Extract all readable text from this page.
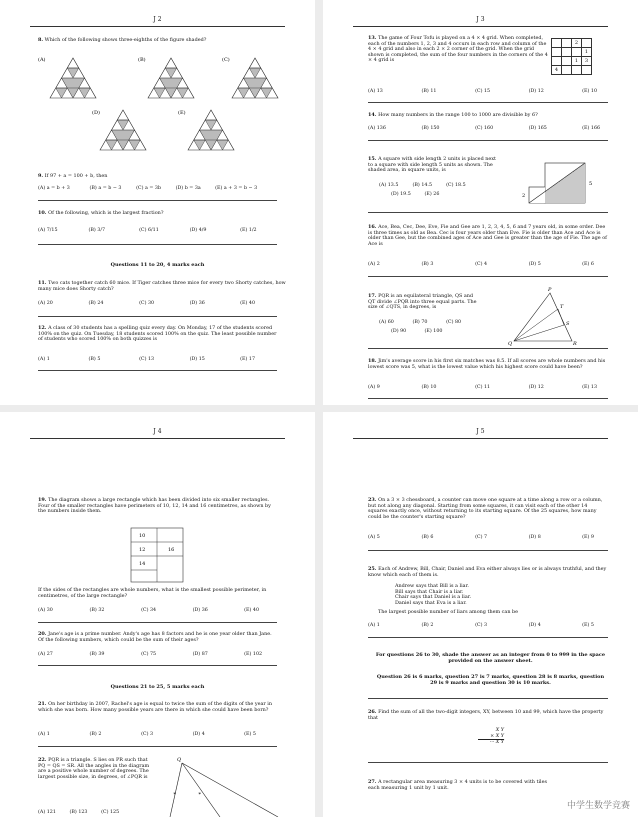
J 2
8. Which of the following shows three-eighths of the figure shaded?
(A)	(B)	(C)
(D)	(E)
9. If 97 + a = 100 + b, then
(A) a = b + 3	(B) a = b − 3	(C) a = 3b	(D) b = 3a	(E) a + 3 = b − 3
10. Of the following, which is the largest fraction?
(A) 7/15	(B) 3/7	(C) 6/11	(D) 4/9	(E) 1/2
Questions 11 to 20, 4 marks each
11. Two cats together catch 60 mice. If Tiger catches three mice for every two Shorty catches, how many mice does Shorty catch?
(A) 20	(B) 24	(C) 30	(D) 36	(E) 40
12. A class of 30 students has a spelling quiz every day. On Monday, 17 of the students scored 100% on the quiz. On Tuesday, 18 students scored 100% on the quiz. The least possible number of students who scored 100% on both quizzes is
(A) 1	(B) 5	(C) 13	(D) 15	(E) 17
J 3
13. The game of Four Tofu is played on a 4 × 4 grid. When completed, each of the numbers 1, 2, 3 and 4 occurs in each row and column of the 4 × 4 grid and also in each 2 × 2 corner of the grid. When the grid shown is completed, the sum of the four numbers in the corners of the 4 × 4 grid is
		2	
			1
		1	3
4			
(A) 13	(B) 11	(C) 15	(D) 12	(E) 10
14. How many numbers in the range 100 to 1000 are divisible by 6?
(A) 136	(B) 150	(C) 160	(D) 165	(E) 166
15. A square with side length 2 units is placed next to a square with side length 5 units as shown. The shaded area, in square units, is
2
5
(A) 13.5	(B) 14.5	(C) 18.5
(D) 19.5	(E) 26
16. Ace, Bea, Cec, Dee, Eve, Fie and Gee are 1, 2, 3, 4, 5, 6 and 7 years old, in some order. Dee is three times as old as Bea. Cec is four years older than Eve. Fie is older than Ace and Ace is older than Gee, but the combined ages of Ace and Gee is greater than the age of Fie. The age of Ace is
(A) 2	(B) 3	(C) 4	(D) 5	(E) 6
17. PQR is an equilateral triangle, QS and QT divide ∠PQR into three equal parts. The size of ∠QTS, in degrees, is
(A) 60	(B) 70	(C) 80
(D) 90	(E) 100
P
T
S
Q	R
18. Jim's average score in his first six matches was 8.5. If all scores are whole numbers and his lowest score was 5, what is the lowest value which his highest score could have been?
(A) 9	(B) 10	(C) 11	(D) 12	(E) 13
J 4
19. The diagram shows a large rectangle which has been divided into six smaller rectangles. Four of the smaller rectangles have perimeters of 10, 12, 14 and 16 centimetres, as shown by the numbers inside them.
10
12	16
14
If the sides of the rectangles are whole numbers, what is the smallest possible perimeter, in centimetres, of the large rectangle?
(A) 30	(B) 32	(C) 34	(D) 36	(E) 40
20. Jane's age is a prime number. Andy's age has 8 factors and he is one year older than Jane. Of the following numbers, which could be the sum of their ages?
(A) 27	(B) 39	(C) 75	(D) 87	(E) 102
Questions 21 to 25, 5 marks each
21. On her birthday in 2007, Rachel's age is equal to twice the sum of the digits of the year in which she was born. How many possible years are there in which she could have been born?
(A) 1	(B) 2	(C) 3	(D) 4	(E) 5
22. PQR is a triangle. S lies on PR such that PQ = QS = SR. All the angles in the diagram are a positive whole number of degrees. The largest possible size, in degrees, of ∠PQR is
(A) 121	(B) 123	(C) 125
Q
∗	∗
J 5
23. On a 3 × 3 chessboard, a counter can move one square at a time along a row or a column, but not along any diagonal. Starting from some squares, it can visit each of the other 14 squares exactly once, without returning to its starting square. Of the 25 squares, how many could be the counter's starting square?
(A) 5	(B) 6	(C) 7	(D) 8	(E) 9
25. Each of Andrew, Bill, Chair, Daniel and Eva either always lies or is always truthful, and they know which each of them is.
Andrew says that Bill is a liar.
Bill says that Chair is a liar.
Chair says that Daniel is a liar.
Daniel says that Eva is a liar.
The largest possible number of liars among them can be
(A) 1	(B) 2	(C) 3	(D) 4	(E) 5
For questions 26 to 30, shade the answer as an integer from 0 to 999 in the space provided on the answer sheet.
Question 26 is 6 marks, question 27 is 7 marks, question 28 is 8 marks, question 29 is 9 marks and question 30 is 10 marks.
26. Find the sum of all the two-digit integers, XY, between 10 and 99, which have the property that
X Y
× X Y
⋯ X Y
27. A rectangular area measuring 3 × 4 units is to be covered with tiles each measuring 1 unit by 1 unit.
中学生数学竞赛
